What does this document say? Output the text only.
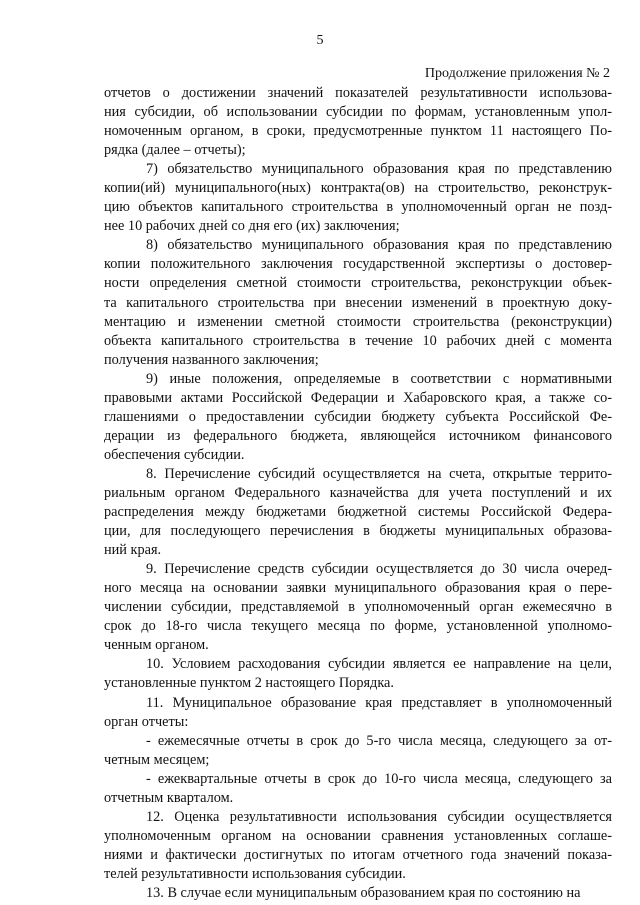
5
Продолжение приложения № 2
отчетов о достижении значений показателей результативности использова-
ния субсидии, об использовании субсидии по формам, установленным упол-
номоченным органом, в сроки, предусмотренные пунктом 11 настоящего По-
рядка (далее – отчеты);
7) обязательство муниципального образования края по представлению
копии(ий) муниципального(ных) контракта(ов) на строительство, реконструк-
цию объектов капитального строительства в уполномоченный орган не позд-
нее 10 рабочих дней со дня его (их) заключения;
8) обязательство муниципального образования края по представлению
копии положительного заключения государственной экспертизы о достовер-
ности определения сметной стоимости строительства, реконструкции объек-
та капитального строительства при внесении изменений в проектную доку-
ментацию и изменении сметной стоимости строительства (реконструкции)
объекта капитального строительства в течение 10 рабочих дней с момента
получения названного заключения;
9) иные положения, определяемые в соответствии с нормативными
правовыми актами Российской Федерации и Хабаровского края, а также со-
глашениями о предоставлении субсидии бюджету субъекта Российской Фе-
дерации из федерального бюджета, являющейся источником финансового
обеспечения субсидии.
8. Перечисление субсидий осуществляется на счета, открытые террито-
риальным органом Федерального казначейства для учета поступлений и их
распределения между бюджетами бюджетной системы Российской Федера-
ции, для последующего перечисления в бюджеты муниципальных образова-
ний края.
9. Перечисление средств субсидии осуществляется до 30 числа очеред-
ного месяца на основании заявки муниципального образования края о пере-
числении субсидии, представляемой в уполномоченный орган ежемесячно в
срок до 18-го числа текущего месяца по форме, установленной уполномо-
ченным органом.
10. Условием расходования субсидии является ее направление на цели,
установленные пунктом 2 настоящего Порядка.
11. Муниципальное образование края представляет в уполномоченный
орган отчеты:
- ежемесячные отчеты в срок до 5-го числа месяца, следующего за от-
четным месяцем;
- ежеквартальные отчеты в срок до 10-го числа месяца, следующего за
отчетным кварталом.
12. Оценка результативности использования субсидии осуществляется
уполномоченным органом на основании сравнения установленных соглаше-
ниями и фактически достигнутых по итогам отчетного года значений показа-
телей результативности использования субсидии.
13. В случае если муниципальным образованием края по состоянию на
